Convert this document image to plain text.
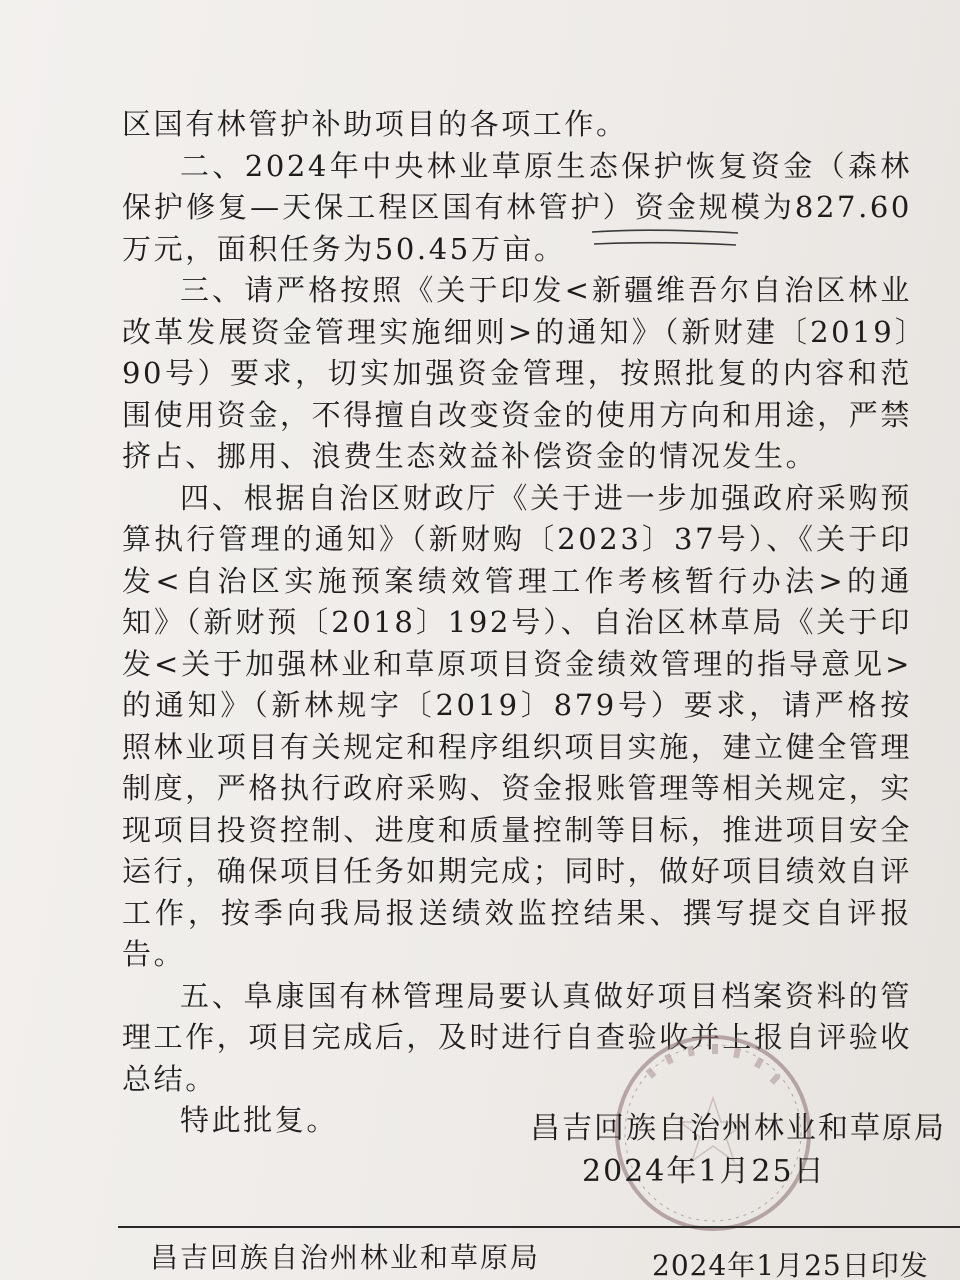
区国有林管护补助项目的各项工作。

二、2024年中央林业草原生态保护恢复资金（森林保护修复—天保工程区国有林管护）资金规模为827.60万元，面积任务为50.45万亩。

三、请严格按照《关于印发<新疆维吾尔自治区林业改革发展资金管理实施细则>的通知》（新财建〔2019〕90号）要求，切实加强资金管理，按照批复的内容和范围使用资金，不得擅自改变资金的使用方向和用途，严禁挤占、挪用、浪费生态效益补偿资金的情况发生。

四、根据自治区财政厅《关于进一步加强政府采购预算执行管理的通知》（新财购〔2023〕37号）、《关于印发<自治区实施预案绩效管理工作考核暂行办法>的通知》（新财预〔2018〕192号）、自治区林草局《关于印发<关于加强林业和草原项目资金绩效管理的指导意见>的通知》（新林规字〔2019〕879号）要求，请严格按照林业项目有关规定和程序组织项目实施，建立健全管理制度，严格执行政府采购、资金报账管理等相关规定，实现项目投资控制、进度和质量控制等目标，推进项目安全运行，确保项目任务如期完成；同时，做好项目绩效自评工作，按季向我局报送绩效监控结果、撰写提交自评报告。

五、阜康国有林管理局要认真做好项目档案资料的管理工作，项目完成后，及时进行自查验收并上报自评验收总结。

特此批复。	昌吉回族自治州林业和草原局
2024年1月25日
昌吉回族自治州林业和草原局	2024年1月25日印发
